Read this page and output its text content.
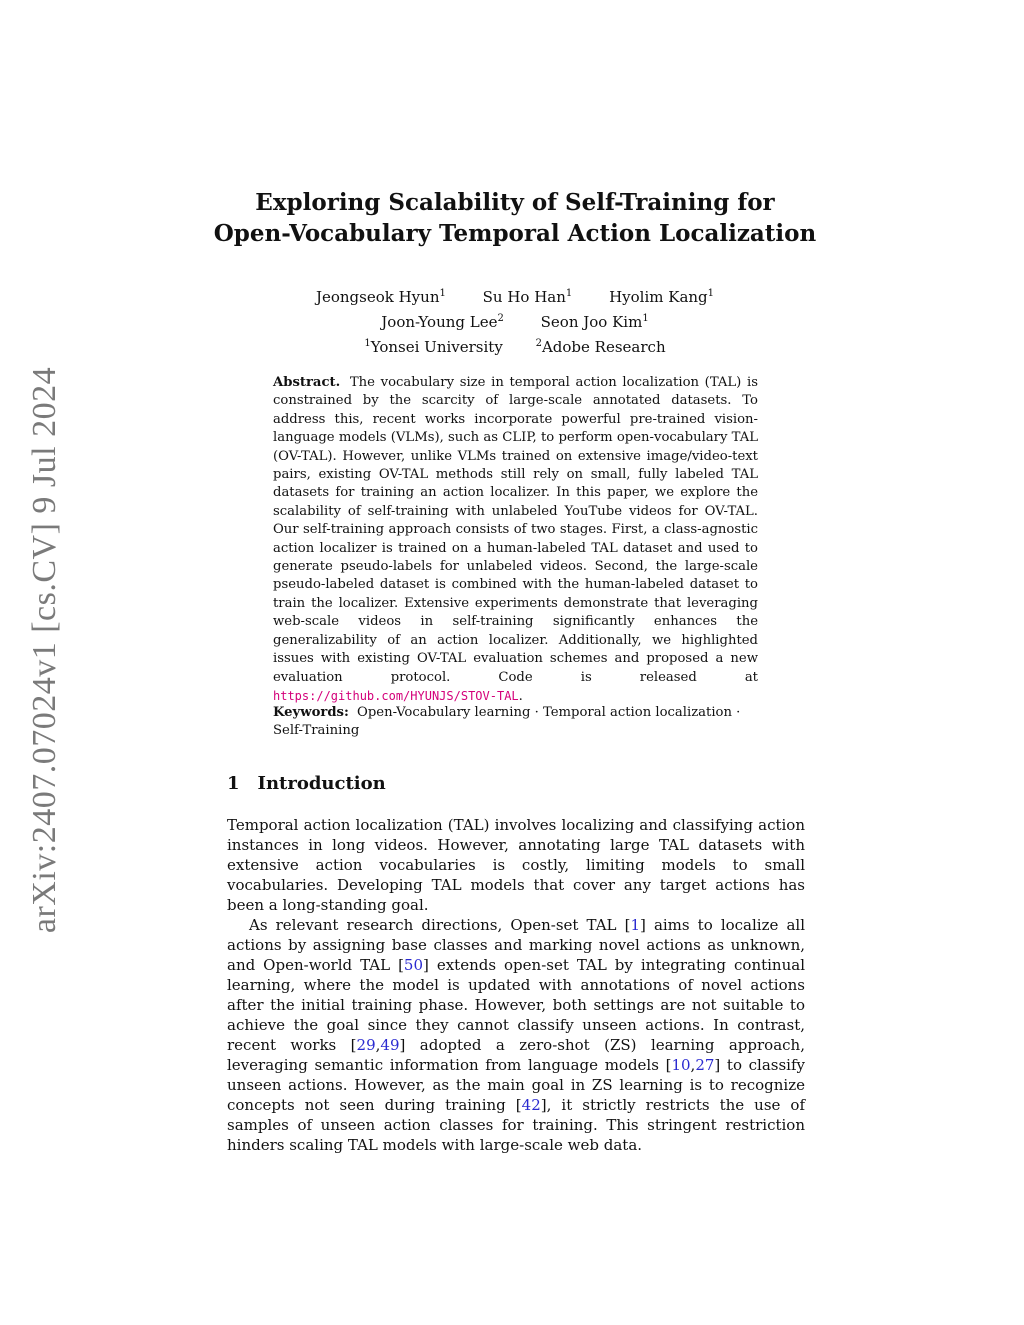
arXiv:2407.07024v1 [cs.CV] 9 Jul 2024
Exploring Scalability of Self-Training for
Open-Vocabulary Temporal Action Localization
Jeongseok Hyun$^1$ Su Ho Han$^1$ Hyolim Kang$^1$
Joon-Young Lee$^2$ Seon Joo Kim$^1$
$^1$Yonsei University	$^2$Adobe Research
Abstract. The vocabulary size in temporal action localization (TAL) is constrained by the scarcity of large-scale annotated datasets. To address this, recent works incorporate powerful pre-trained vision-language models (VLMs), such as CLIP, to perform open-vocabulary TAL (OV-TAL). However, unlike VLMs trained on extensive image/video-text pairs, existing OV-TAL methods still rely on small, fully labeled TAL datasets for training an action localizer. In this paper, we explore the scalability of self-training with unlabeled YouTube videos for OV-TAL. Our self-training approach consists of two stages. First, a class-agnostic action localizer is trained on a human-labeled TAL dataset and used to generate pseudo-labels for unlabeled videos. Second, the large-scale pseudo-labeled dataset is combined with the human-labeled dataset to train the localizer. Extensive experiments demonstrate that leveraging web-scale videos in self-training significantly enhances the generalizability of an action localizer. Additionally, we highlighted issues with existing OV-TAL evaluation schemes and proposed a new evaluation protocol. Code is released at https://github.com/HYUNJS/STOV-TAL.
Keywords: Open-Vocabulary learning · Temporal action localization · Self-Training
1 Introduction

Temporal action localization (TAL) involves localizing and classifying action instances in long videos. However, annotating large TAL datasets with extensive action vocabularies is costly, limiting models to small vocabularies. Developing TAL models that cover any target actions has been a long-standing goal.

As relevant research directions, Open-set TAL [1] aims to localize all actions by assigning base classes and marking novel actions as unknown, and Open-world TAL [50] extends open-set TAL by integrating continual learning, where the model is updated with annotations of novel actions after the initial training phase. However, both settings are not suitable to achieve the goal since they cannot classify unseen actions. In contrast, recent works [29,49] adopted a zero-shot (ZS) learning approach, leveraging semantic information from language models [10,27] to classify unseen actions. However, as the main goal in ZS learning is to recognize concepts not seen during training [42], it strictly restricts the use of samples of unseen action classes for training. This stringent restriction hinders scaling TAL models with large-scale web data.
